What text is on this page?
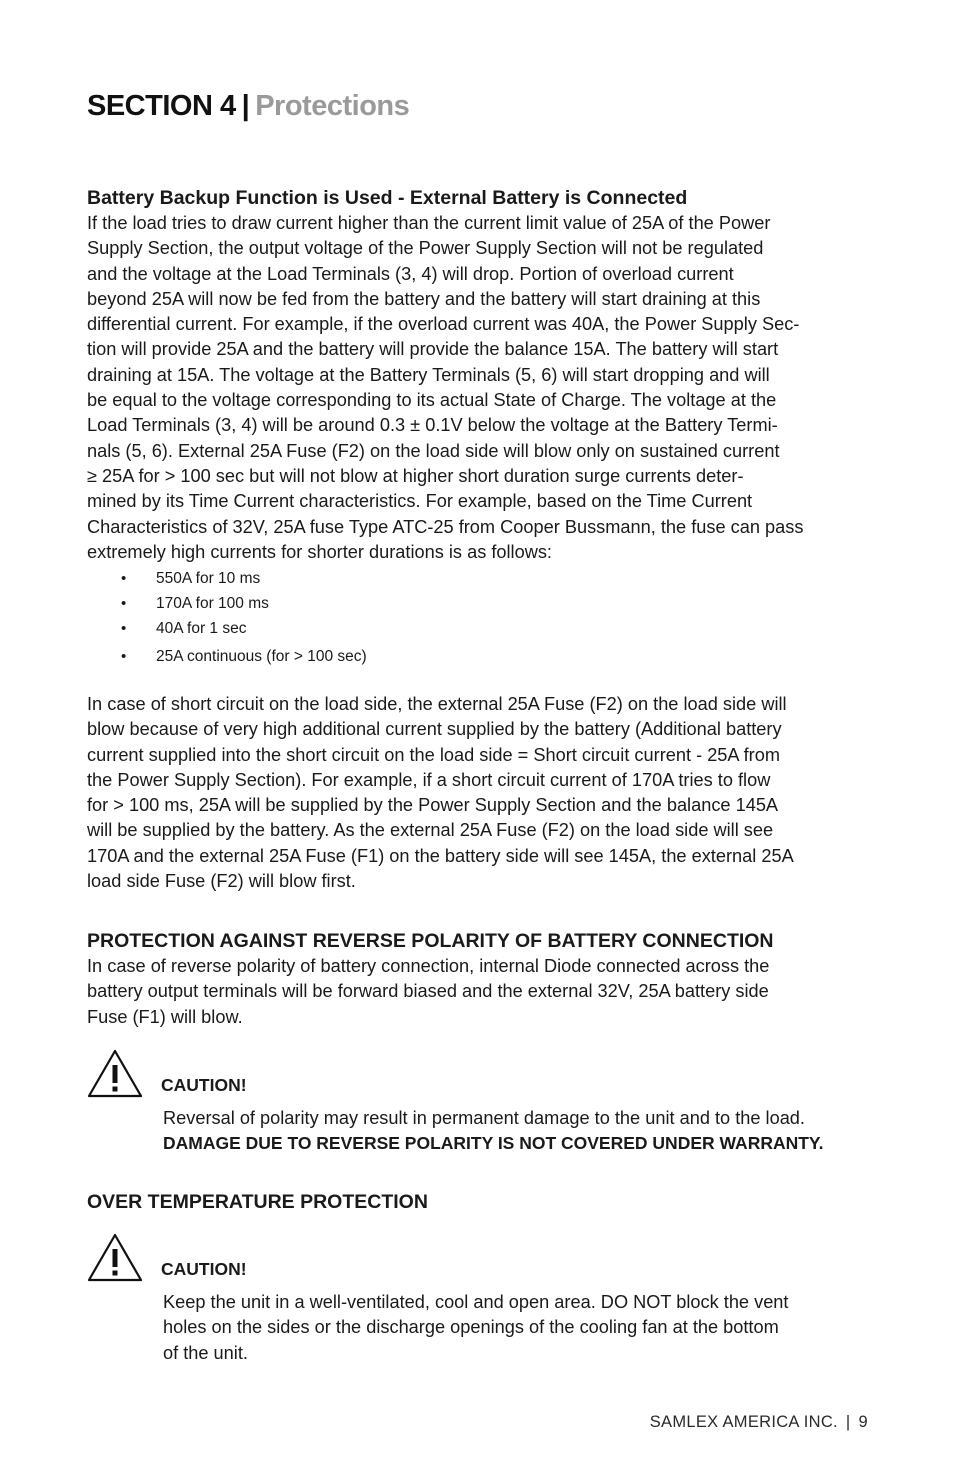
SECTION 4 | Protections
Battery Backup Function is Used - External Battery is Connected

If the load tries to draw current higher than the current limit value of 25A of the Power
Supply Section, the output voltage of the Power Supply Section will not be regulated
and the voltage at the Load Terminals (3, 4) will drop. Portion of overload current
beyond 25A will now be fed from the battery and the battery will start draining at this
differential current. For example, if the overload current was 40A, the Power Supply Sec-
tion will provide 25A and the battery will provide the balance 15A. The battery will start
draining at 15A. The voltage at the Battery Terminals (5, 6) will start dropping and will
be equal to the voltage corresponding to its actual State of Charge. The voltage at the
Load Terminals (3, 4) will be around 0.3 ± 0.1V below the voltage at the Battery Termi-
nals (5, 6). External 25A Fuse (F2) on the load side will blow only on sustained current
≥ 25A for > 100 sec but will not blow at higher short duration surge currents deter-
mined by its Time Current characteristics. For example, based on the Time Current
Characteristics of 32V, 25A fuse Type ATC-25 from Cooper Bussmann, the fuse can pass
extremely high currents for shorter durations is as follows:

• 550A for 10 ms
• 170A for 100 ms
• 40A for 1 sec
• 25A continuous (for > 100 sec)

In case of short circuit on the load side, the external 25A Fuse (F2) on the load side will
blow because of very high additional current supplied by the battery (Additional battery
current supplied into the short circuit on the load side = Short circuit current - 25A from
the Power Supply Section). For example, if a short circuit current of 170A tries to flow
for > 100 ms, 25A will be supplied by the Power Supply Section and the balance 145A
will be supplied by the battery. As the external 25A Fuse (F2) on the load side will see
170A and the external 25A Fuse (F1) on the battery side will see 145A, the external 25A
load side Fuse (F2) will blow first.

PROTECTION AGAINST REVERSE POLARITY OF BATTERY CONNECTION

In case of reverse polarity of battery connection, internal Diode connected across the
battery output terminals will be forward biased and the external 32V, 25A battery side
Fuse (F1) will blow.

CAUTION!
Reversal of polarity may result in permanent damage to the unit and to the load.
DAMAGE DUE TO REVERSE POLARITY IS NOT COVERED UNDER WARRANTY.
OVER TEMPERATURE PROTECTION
CAUTION!
Keep the unit in a well-ventilated, cool and open area. DO NOT block the vent
holes on the sides or the discharge openings of the cooling fan at the bottom
of the unit.
SAMLEX AMERICA INC. | 9
